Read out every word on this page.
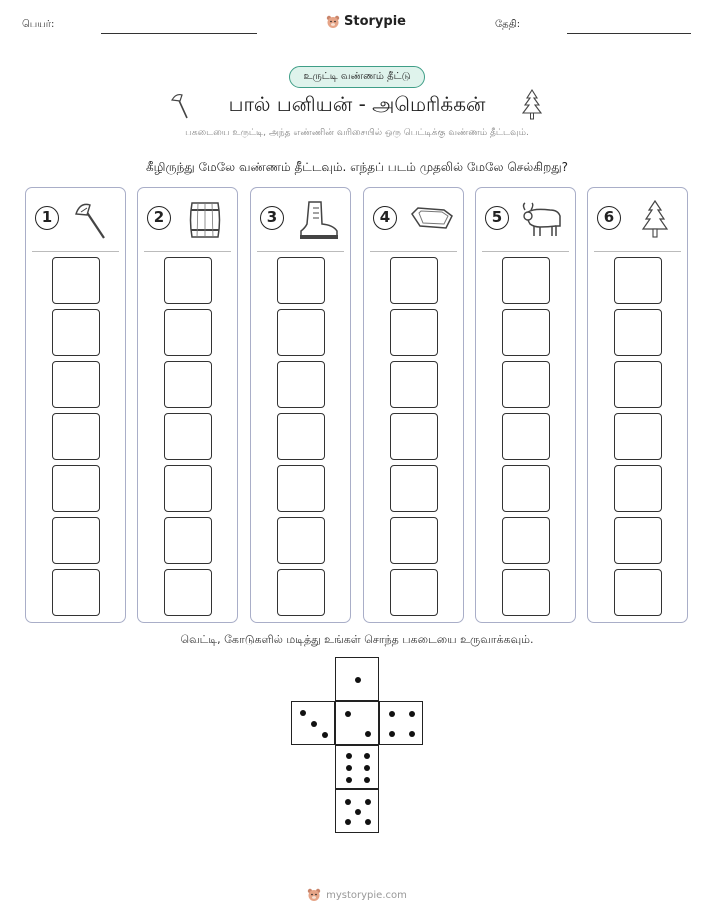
பெயர்:	Storypie	தேதி:
உருட்டி வண்ணம் தீட்டு
பால் பனியன் - அமெரிக்கன்
பகடையை உருட்டி, அந்த எண்ணின் வரிசையில் ஒரு பெட்டிக்கு வண்ணம் தீட்டவும்.
கீழிருந்து மேலே வண்ணம் தீட்டவும். எந்தப் படம் முதலில் மேலே செல்கிறது?
1	2	3	4	5	6
வெட்டி, கோடுகளில் மடித்து உங்கள் சொந்த பகடையை உருவாக்கவும்.
mystorypie.com
